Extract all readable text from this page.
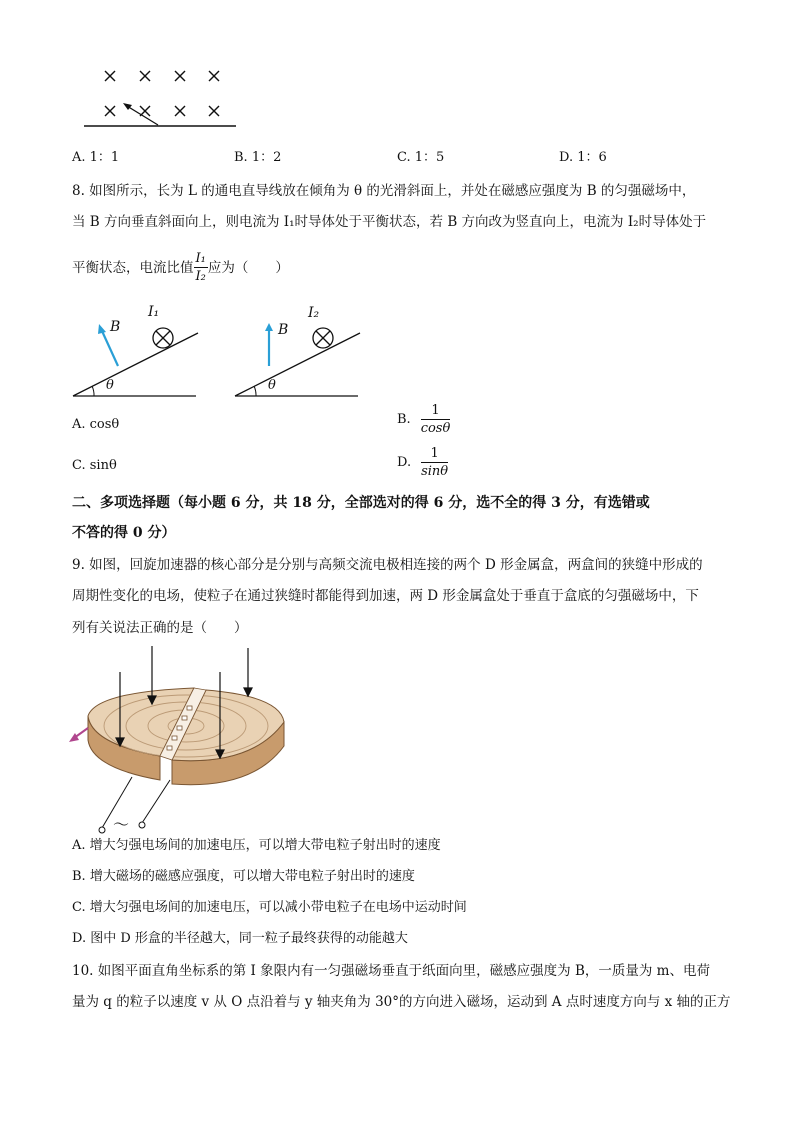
A. 1：1	B. 1：2	C. 1：5	D. 1：6
8. 如图所示，长为 L 的通电直导线放在倾角为 θ 的光滑斜面上，并处在磁感应强度为 B 的匀强磁场中，
当 B 方向垂直斜面向上，则电流为 I₁时导体处于平衡状态，若 B 方向改为竖直向上，电流为 I₂时导体处于
平衡状态，电流比值 $\frac{\text{I₁}}{\text{I₂}}$ 应为（　　）
B
I₁
θ
B
I₂
θ
A. cosθ	B. $\frac{1}{\cos\theta}$
C. sinθ	D. $\frac{1}{\sin\theta}$
二、多项选择题（每小题 6 分，共 18 分，全部选对的得 6 分，选不全的得 3 分，有选错或
不答的得 0 分）
9. 如图，回旋加速器的核心部分是分别与高频交流电极相连接的两个 D 形金属盒，两盒间的狭缝中形成的
周期性变化的电场，使粒子在通过狭缝时都能得到加速，两 D 形金属盒处于垂直于盒底的匀强磁场中，下
列有关说法正确的是（　　）
～
A. 增大匀强电场间的加速电压，可以增大带电粒子射出时的速度
B. 增大磁场的磁感应强度，可以增大带电粒子射出时的速度
C. 增大匀强电场间的加速电压，可以减小带电粒子在电场中运动时间
D. 图中 D 形盒的半径越大，同一粒子最终获得的动能越大
10. 如图平面直角坐标系的第 I 象限内有一匀强磁场垂直于纸面向里，磁感应强度为 B，一质量为 m、电荷
量为 q 的粒子以速度 v 从 O 点沿着与 y 轴夹角为 30°的方向进入磁场，运动到 A 点时速度方向与 x 轴的正方
